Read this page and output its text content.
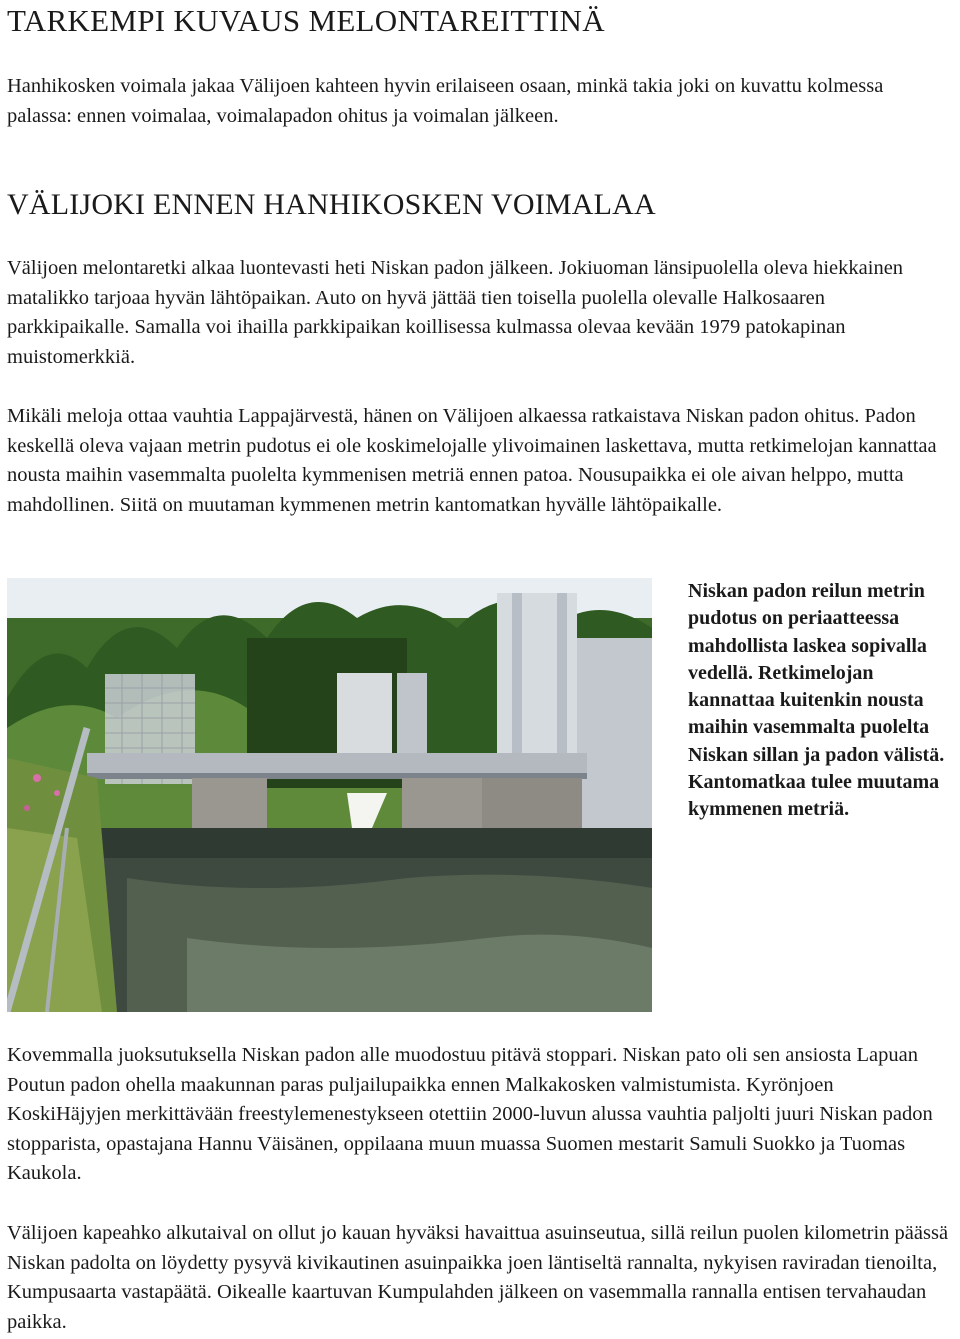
TARKEMPI KUVAUS MELONTAREITTINÄ

Hanhikosken voimala jakaa Välijoen kahteen hyvin erilaiseen osaan, minkä takia joki on kuvattu kolmessa palassa: ennen voimalaa, voimalapadon ohitus ja voimalan jälkeen.

VÄLIJOKI ENNEN HANHIKOSKEN VOIMALAA

Välijoen melontaretki alkaa luontevasti heti Niskan padon jälkeen. Jokiuoman länsipuolella oleva hiekkainen matalikko tarjoaa hyvän lähtöpaikan. Auto on hyvä jättää tien toisella puolella olevalle Halkosaaren parkkipaikalle. Samalla voi ihailla parkkipaikan koillisessa kulmassa olevaa kevään 1979 patokapinan muistomerkkiä.

Mikäli meloja ottaa vauhtia Lappajärvestä, hänen on Välijoen alkaessa ratkaistava Niskan padon ohitus. Padon keskellä oleva vajaan metrin pudotus ei ole koskimelojalle ylivoimainen laskettava, mutta retkimelojan kannattaa nousta maihin vasemmalta puolelta kymmenisen metriä ennen patoa. Nousupaikka ei ole aivan helppo, mutta mahdollinen. Siitä on muutaman kymmenen metrin kantomatkan hyvälle lähtöpaikalle.

Niskan padon reilun metrin pudotus on periaatteessa mahdollista laskea sopivalla vedellä. Retkimelojan kannattaa kuitenkin nousta maihin vasemmalta puolelta Niskan sillan ja padon välistä. Kantomatkaa tulee muutama kymmenen metriä.

Kovemmalla juoksutuksella Niskan padon alle muodostuu pitävä stoppari. Niskan pato oli sen ansiosta Lapuan Poutun padon ohella maakunnan paras puljailupaikka ennen Malkakosken valmistumista. Kyrönjoen KoskiHäjyjen merkittävään freestylemenestykseen otettiin 2000-luvun alussa vauhtia paljolti juuri Niskan padon stopparista, opastajana Hannu Väisänen, oppilaana muun muassa Suomen mestarit Samuli Suokko ja Tuomas Kaukola.

Välijoen kapeahko alkutaival on ollut jo kauan hyväksi havaittua asuinseutua, sillä reilun puolen kilometrin päässä Niskan padolta on löydetty pysyvä kivikautinen asuinpaikka joen läntiseltä rannalta, nykyisen raviradan tienoilta, Kumpusaarta vastapäätä. Oikealle kaartuvan Kumpulahden jälkeen on vasemmalla rannalla entisen tervahaudan paikka.
